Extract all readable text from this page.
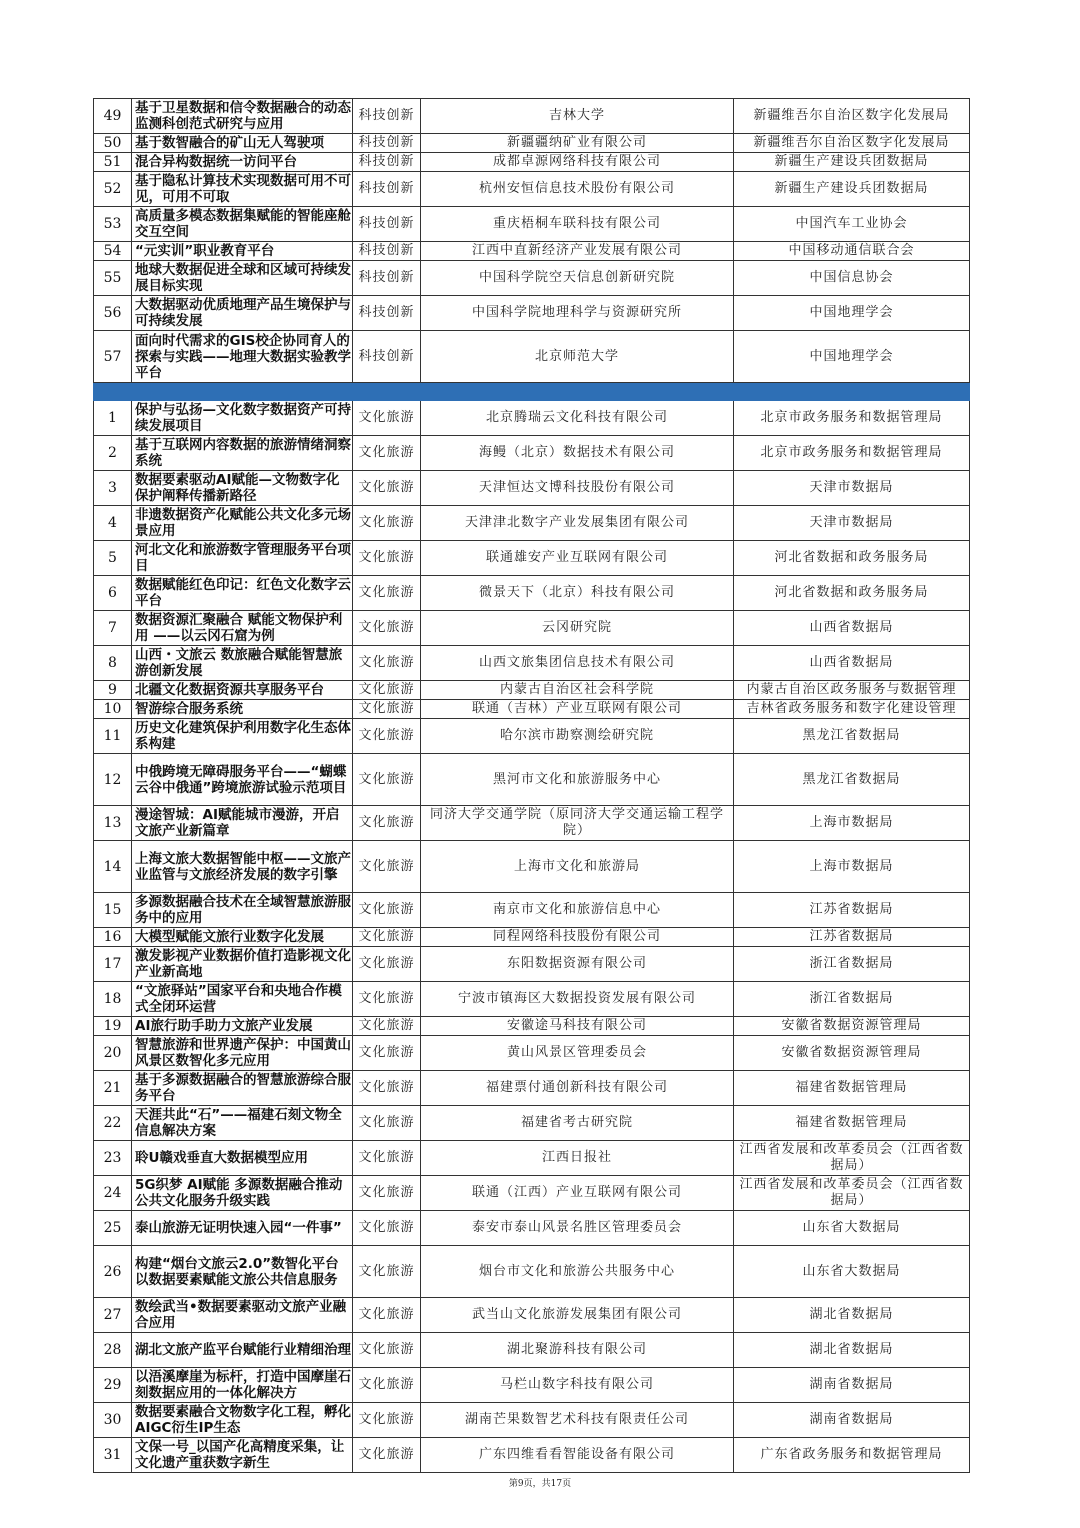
49	基于卫星数据和信令数据融合的动态监测科创范式研究与应用	科技创新	吉林大学	新疆维吾尔自治区数字化发展局
50	基于数智融合的矿山无人驾驶项	科技创新	新疆疆纳矿业有限公司	新疆维吾尔自治区数字化发展局
51	混合异构数据统一访问平台	科技创新	成都卓源网络科技有限公司	新疆生产建设兵团数据局
52	基于隐私计算技术实现数据可用不可见，可用不可取	科技创新	杭州安恒信息技术股份有限公司	新疆生产建设兵团数据局
53	高质量多模态数据集赋能的智能座舱交互空间	科技创新	重庆梧桐车联科技有限公司	中国汽车工业协会
54	“元实训”职业教育平台	科技创新	江西中直新经济产业发展有限公司	中国移动通信联合会
55	地球大数据促进全球和区域可持续发展目标实现	科技创新	中国科学院空天信息创新研究院	中国信息协会
56	大数据驱动优质地理产品生境保护与可持续发展	科技创新	中国科学院地理科学与资源研究所	中国地理学会
57	面向时代需求的GIS校企协同育人的探索与实践——地理大数据实验教学平台	科技创新	北京师范大学	中国地理学会

1	保护与弘扬—文化数字数据资产可持续发展项目	文化旅游	北京腾瑞云文化科技有限公司	北京市政务服务和数据管理局
2	基于互联网内容数据的旅游情绪洞察系统	文化旅游	海鳗（北京）数据技术有限公司	北京市政务服务和数据管理局
3	数据要素驱动AI赋能—文物数字化保护阐释传播新路径	文化旅游	天津恒达文博科技股份有限公司	天津市数据局
4	非遗数据资产化赋能公共文化多元场景应用	文化旅游	天津津北数字产业发展集团有限公司	天津市数据局
5	河北文化和旅游数字管理服务平台项目	文化旅游	联通雄安产业互联网有限公司	河北省数据和政务服务局
6	数据赋能红色印记：红色文化数字云平台	文化旅游	微景天下（北京）科技有限公司	河北省数据和政务服务局
7	数据资源汇聚融合 赋能文物保护利用 ——以云冈石窟为例	文化旅游	云冈研究院	山西省数据局
8	山西・文旅云 数旅融合赋能智慧旅游创新发展	文化旅游	山西文旅集团信息技术有限公司	山西省数据局
9	北疆文化数据资源共享服务平台	文化旅游	内蒙古自治区社会科学院	内蒙古自治区政务服务与数据管理
10	智游综合服务系统	文化旅游	联通（吉林）产业互联网有限公司	吉林省政务服务和数字化建设管理
11	历史文化建筑保护利用数字化生态体系构建	文化旅游	哈尔滨市勘察测绘研究院	黑龙江省数据局
12	中俄跨境无障碍服务平台——“蝴蝶云谷中俄通”跨境旅游试验示范项目	文化旅游	黑河市文化和旅游服务中心	黑龙江省数据局
13	漫途智城：AI赋能城市漫游，开启文旅产业新篇章	文化旅游	同济大学交通学院（原同济大学交通运输工程学院）	上海市数据局
14	上海文旅大数据智能中枢——文旅产业监管与文旅经济发展的数字引擎	文化旅游	上海市文化和旅游局	上海市数据局
15	多源数据融合技术在全域智慧旅游服务中的应用	文化旅游	南京市文化和旅游信息中心	江苏省数据局
16	大模型赋能文旅行业数字化发展	文化旅游	同程网络科技股份有限公司	江苏省数据局
17	激发影视产业数据价值打造影视文化产业新高地	文化旅游	东阳数据资源有限公司	浙江省数据局
18	“文旅驿站”国家平台和央地合作模式全闭环运营	文化旅游	宁波市镇海区大数据投资发展有限公司	浙江省数据局
19	AI旅行助手助力文旅产业发展	文化旅游	安徽途马科技有限公司	安徽省数据资源管理局
20	智慧旅游和世界遗产保护：中国黄山风景区数智化多元应用	文化旅游	黄山风景区管理委员会	安徽省数据资源管理局
21	基于多源数据融合的智慧旅游综合服务平台	文化旅游	福建票付通创新科技有限公司	福建省数据管理局
22	天涯共此“石”——福建石刻文物全信息解决方案	文化旅游	福建省考古研究院	福建省数据管理局
23	聆U赣戏垂直大数据模型应用	文化旅游	江西日报社	江西省发展和改革委员会（江西省数据局）
24	5G织梦 AI赋能 多源数据融合推动公共文化服务升级实践	文化旅游	联通（江西）产业互联网有限公司	江西省发展和改革委员会（江西省数据局）
25	泰山旅游无证明快速入园“一件事”	文化旅游	泰安市泰山风景名胜区管理委员会	山东省大数据局
26	构建“烟台文旅云2.0”数智化平台 以数据要素赋能文旅公共信息服务	文化旅游	烟台市文化和旅游公共服务中心	山东省大数据局
27	数绘武当•数据要素驱动文旅产业融合应用	文化旅游	武当山文化旅游发展集团有限公司	湖北省数据局
28	湖北文旅产监平台赋能行业精细治理	文化旅游	湖北聚游科技有限公司	湖北省数据局
29	以浯溪摩崖为标杆，打造中国摩崖石刻数据应用的一体化解决方	文化旅游	马栏山数字科技有限公司	湖南省数据局
30	数据要素融合文物数字化工程，孵化AIGC衍生IP生态	文化旅游	湖南芒果数智艺术科技有限责任公司	湖南省数据局
31	文保一号_以国产化高精度采集，让文化遗产重获数字新生	文化旅游	广东四维看看智能设备有限公司	广东省政务服务和数据管理局
第9页，共17页
